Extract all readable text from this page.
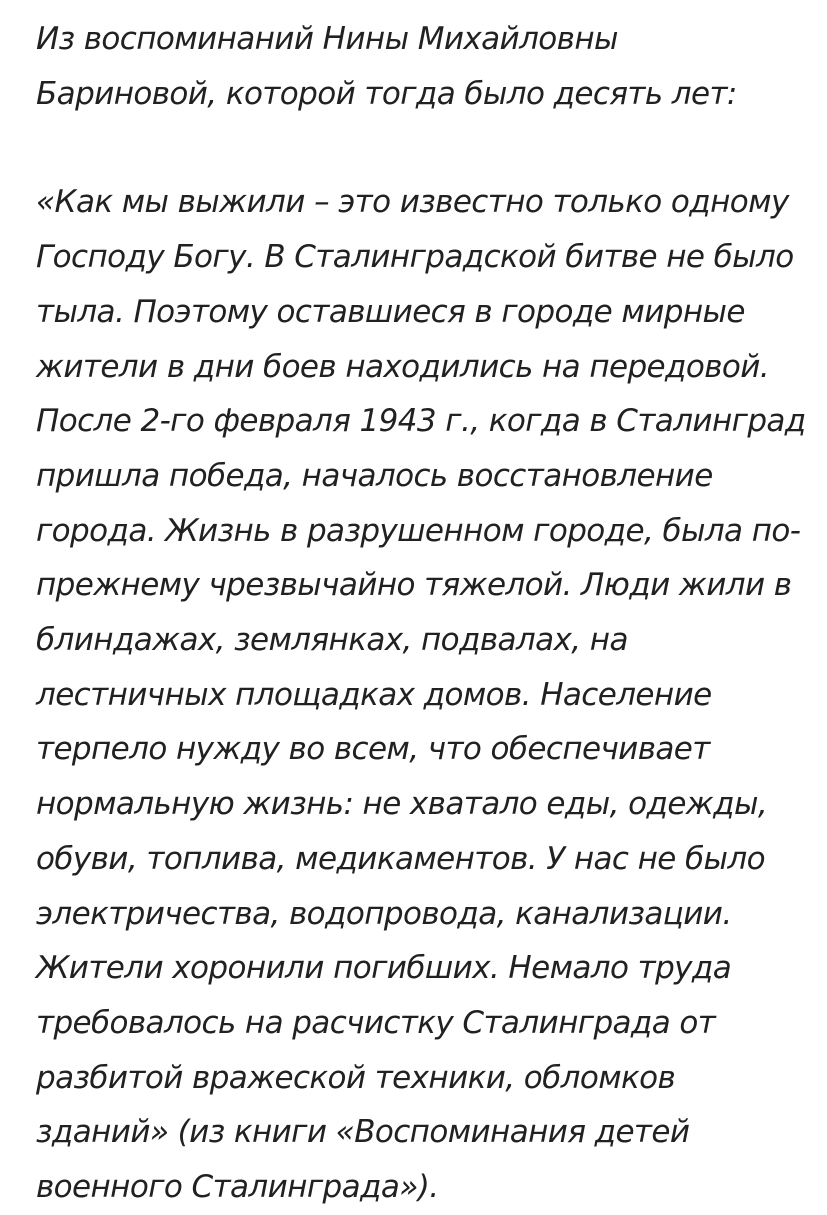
Из воспоминаний Нины Михайловны
Бариновой, которой тогда было десять лет:

«Как мы выжили – это известно только одному
Господу Богу. В Сталинградской битве не было
тыла. Поэтому оставшиеся в городе мирные
жители в дни боев находились на передовой.
После 2-го февраля 1943 г., когда в Сталинград
пришла победа, началось восстановление
города. Жизнь в разрушенном городе, была по-
прежнему чрезвычайно тяжелой. Люди жили в
блиндажах, землянках, подвалах, на
лестничных площадках домов. Население
терпело нужду во всем, что обеспечивает
нормальную жизнь: не хватало еды, одежды,
обуви, топлива, медикаментов. У нас не было
электричества, водопровода, канализации.
Жители хоронили погибших. Немало труда
требовалось на расчистку Сталинграда от
разбитой вражеской техники, обломков
зданий» (из книги «Воспоминания детей
военного Сталинграда»).
